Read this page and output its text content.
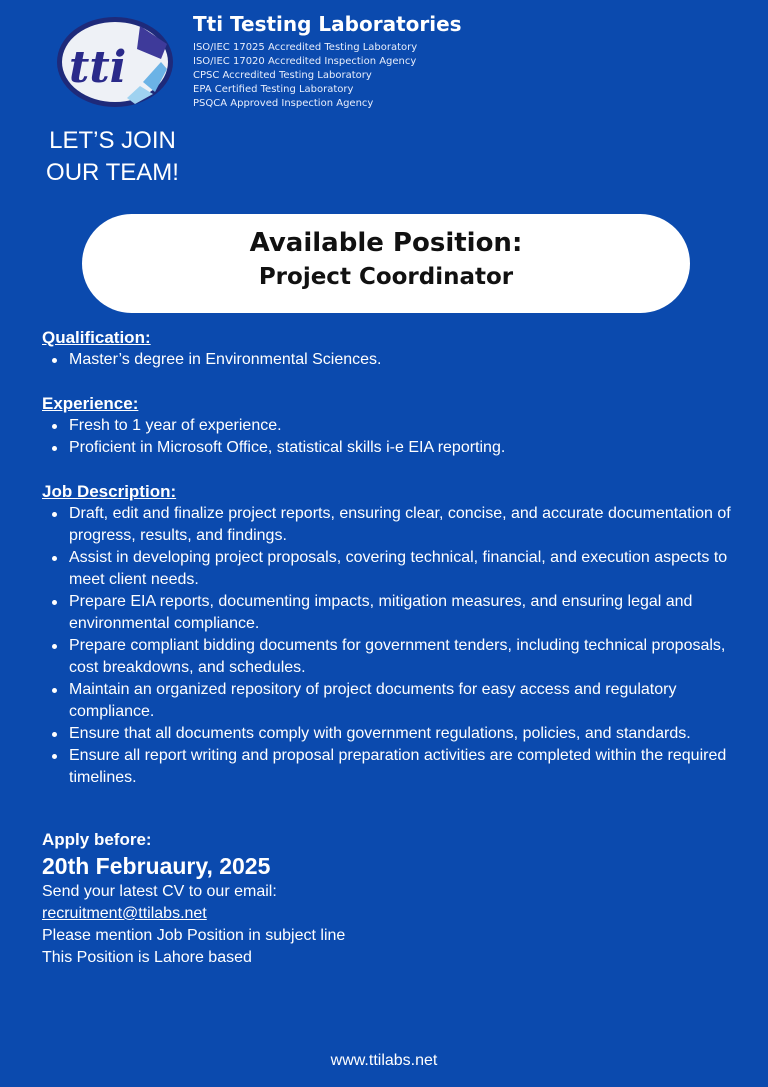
tti
Tti Testing Laboratories
ISO/IEC 17025 Accredited Testing Laboratory
ISO/IEC 17020 Accredited Inspection Agency
CPSC Accredited Testing Laboratory
EPA Certified Testing Laboratory
PSQCA Approved Inspection Agency
LET’S JOIN
OUR TEAM!
Available Position:
Project Coordinator
Qualification:
Master’s degree in Environmental Sciences.
Experience:
Fresh to 1 year of experience.
Proficient in Microsoft Office, statistical skills i-e EIA reporting.
Job Description:
Draft, edit and finalize project reports, ensuring clear, concise, and accurate documentation of progress, results, and findings.
Assist in developing project proposals, covering technical, financial, and execution aspects to meet client needs.
Prepare EIA reports, documenting impacts, mitigation measures, and ensuring legal and environmental compliance.
Prepare compliant bidding documents for government tenders, including technical proposals, cost breakdowns, and schedules.
Maintain an organized repository of project documents for easy access and regulatory compliance.
Ensure that all documents comply with government regulations, policies, and standards.
Ensure all report writing and proposal preparation activities are completed within the required timelines.
Apply before:
20th Februaury, 2025
Send your latest CV to our email:
recruitment@ttilabs.net
Please mention Job Position in subject line
This Position is Lahore based
www.ttilabs.net
